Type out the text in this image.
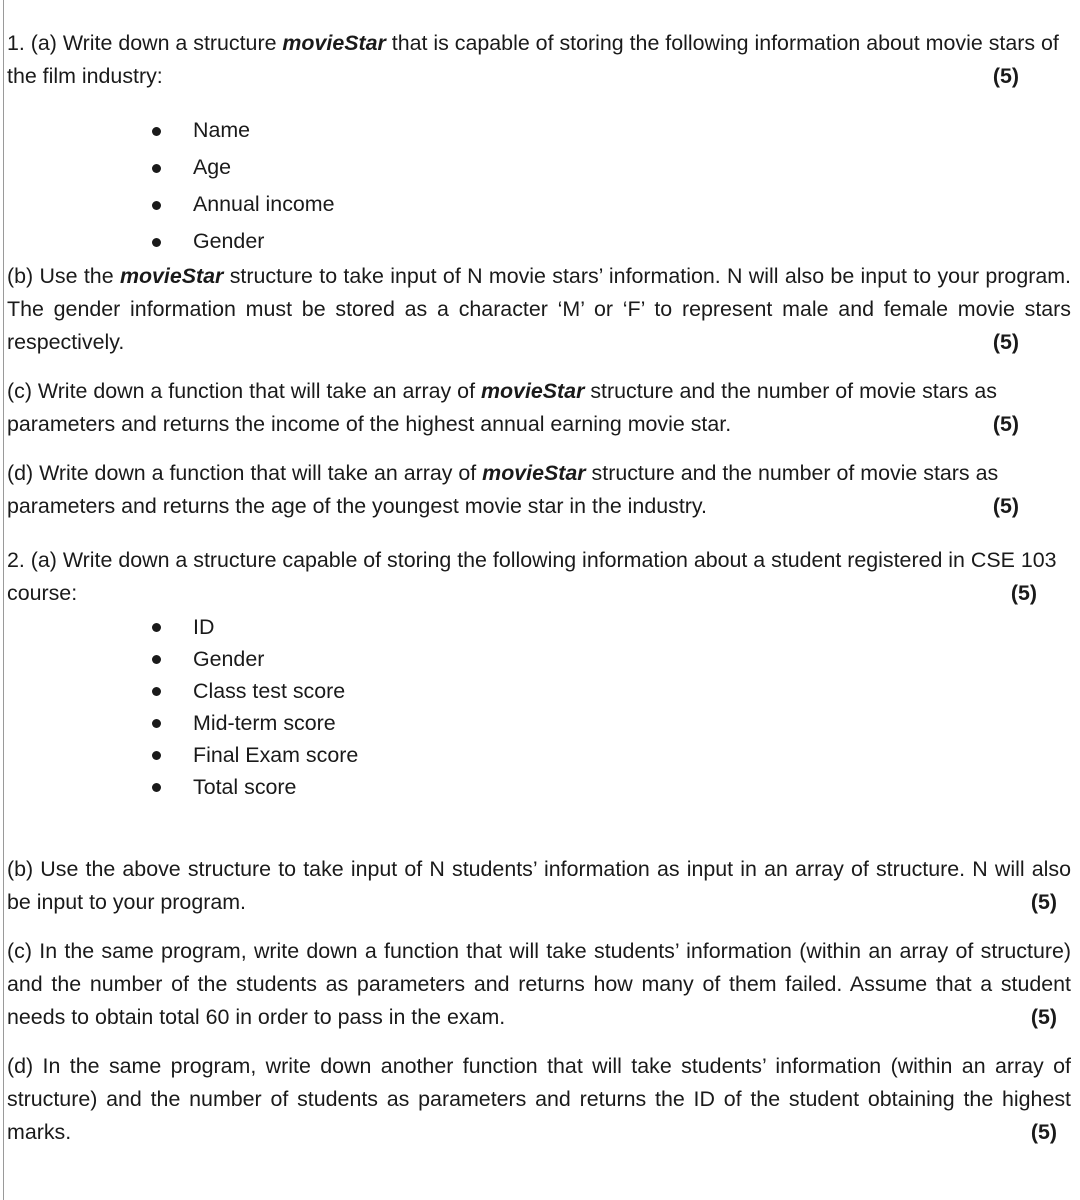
1. (a) Write down a structure movieStar that is capable of storing the following information about movie stars of the film industry:	(5)

Name
Age
Annual income
Gender

(b) Use the movieStar structure to take input of N movie stars’ information. N will also be input to your program. The gender information must be stored as a character ‘M’ or ‘F’ to represent male and female movie stars respectively.	(5)

(c) Write down a function that will take an array of movieStar structure and the number of movie stars as parameters and returns the income of the highest annual earning movie star.	(5)

(d) Write down a function that will take an array of movieStar structure and the number of movie stars as parameters and returns the age of the youngest movie star in the industry.	(5)

2. (a) Write down a structure capable of storing the following information about a student registered in CSE 103 course:	(5)

ID
Gender
Class test score
Mid-term score
Final Exam score
Total score

(b) Use the above structure to take input of N students’ information as input in an array of structure. N will also be input to your program.	(5)

(c) In the same program, write down a function that will take students’ information (within an array of structure) and the number of the students as parameters and returns how many of them failed. Assume that a student needs to obtain total 60 in order to pass in the exam.	(5)

(d) In the same program, write down another function that will take students’ information (within an array of structure) and the number of students as parameters and returns the ID of the student obtaining the highest marks.	(5)
